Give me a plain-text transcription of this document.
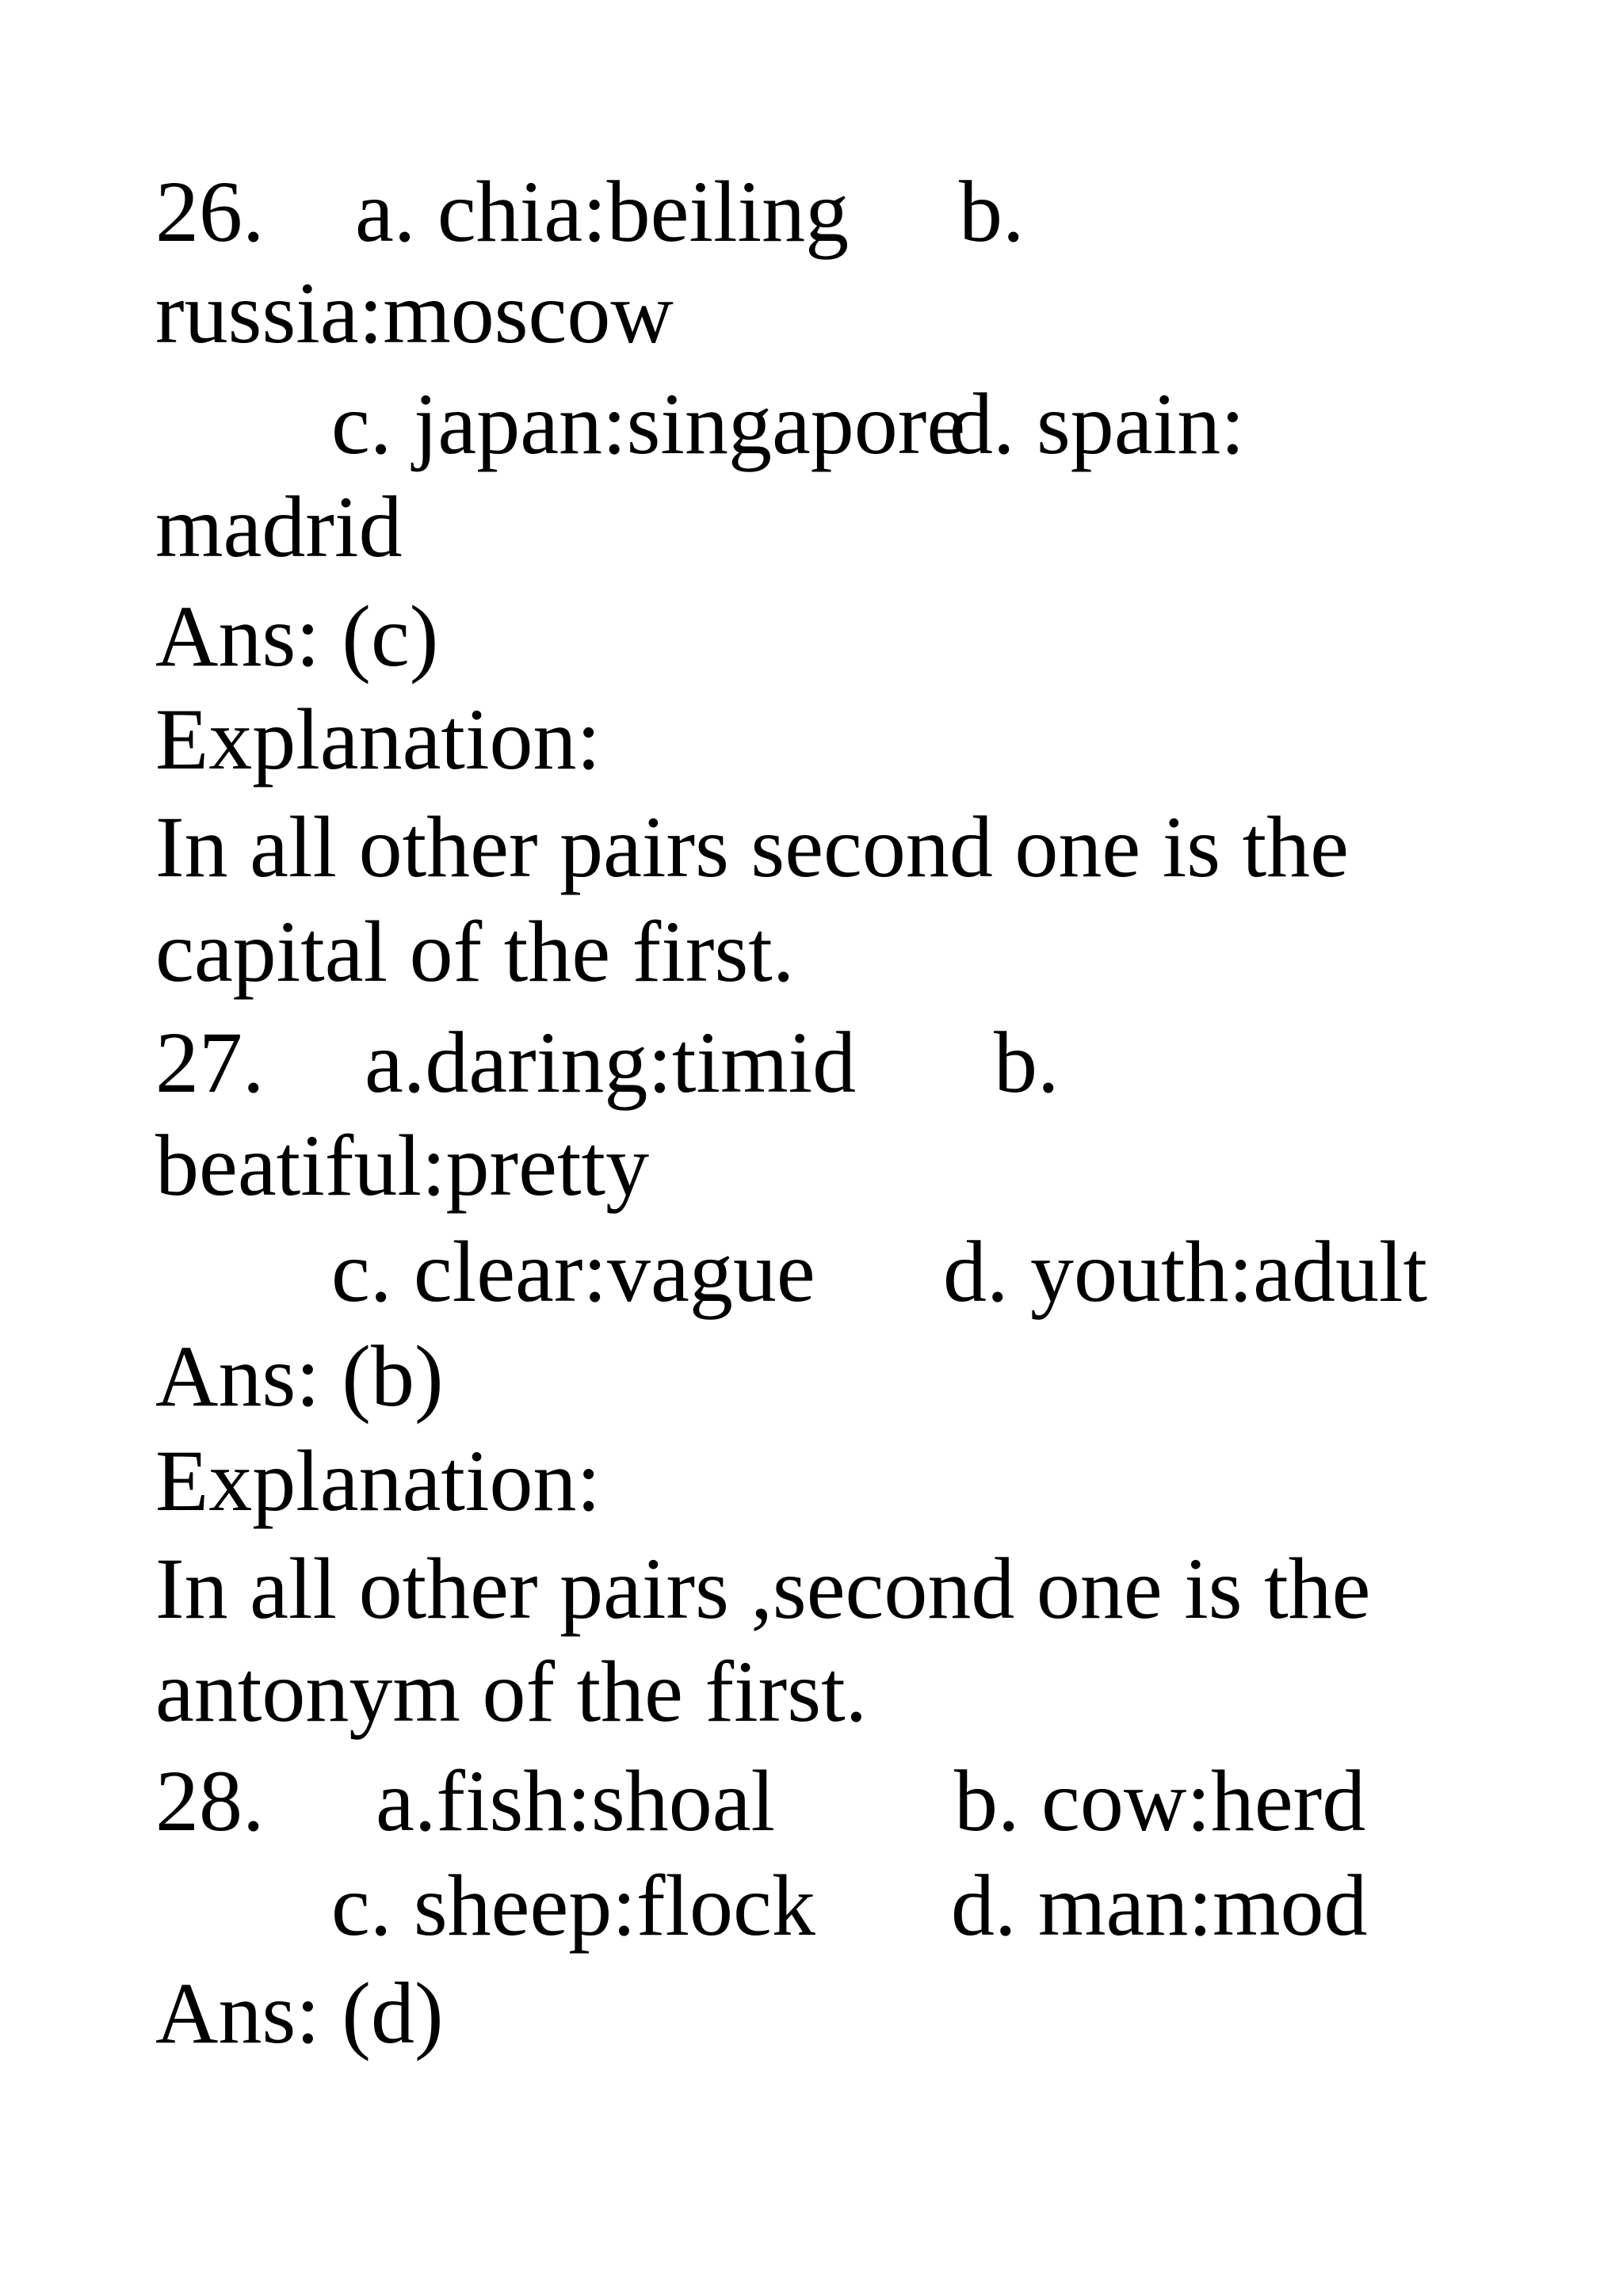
26. a. chia:beiling b.
russia:moscow
c. japan:singapore
d. spain:
madrid
Ans: (c)
Explanation:
In all other pairs second one is the
capital of the first.
27. a.daring:timid b.
beatiful:pretty
c. clear:vague d. youth:adult
Ans: (b)
Explanation:
In all other pairs ,second one is the
antonym of the first.
28. a.fish:shoal b. cow:herd
c. sheep:flock d. man:mod
Ans: (d)
